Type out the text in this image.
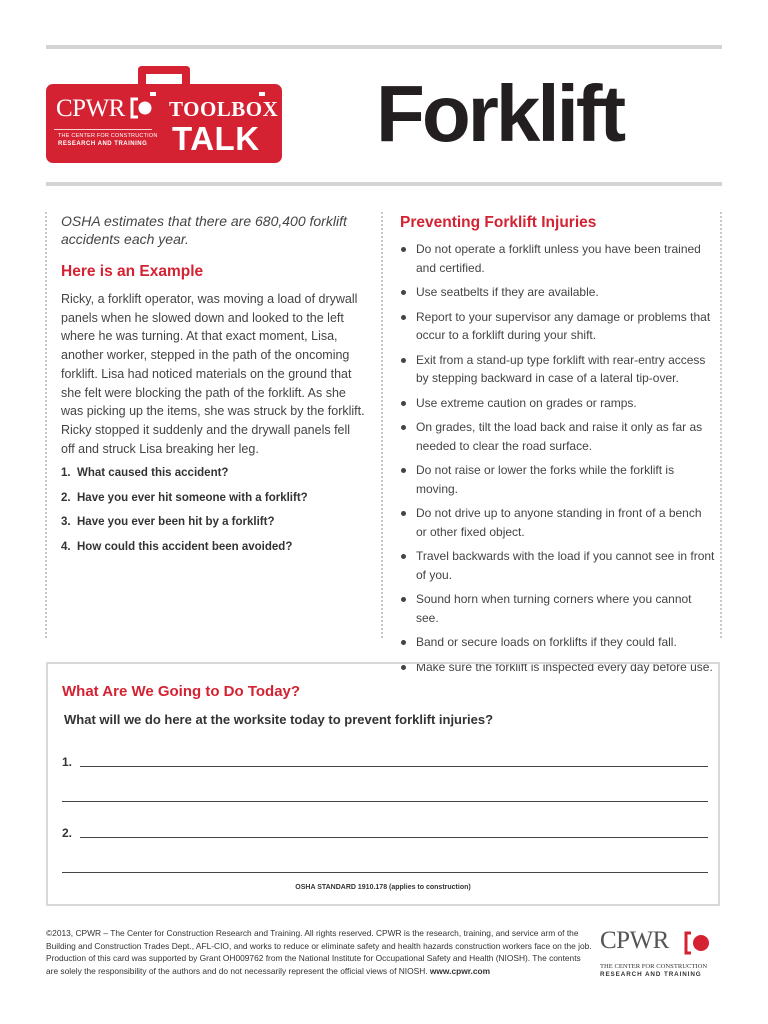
CPWR
THE CENTER FOR CONSTRUCTION
RESEARCH AND TRAINING
TOOLBOX
TALK Forklift
OSHA estimates that there are 680,400 forklift accidents each year.
Here is an Example
Ricky, a forklift operator, was moving a load of drywall panels when he slowed down and looked to the left where he was turning. At that exact moment, Lisa, another worker, stepped in the path of the oncoming forklift. Lisa had noticed materials on the ground that she felt were blocking the path of the forklift. As she was picking up the items, she was struck by the forklift. Ricky stopped it suddenly and the drywall panels fell off and struck Lisa breaking her leg.
1. What caused this accident?
2. Have you ever hit someone with a forklift?
3. Have you ever been hit by a forklift?
4. How could this accident been avoided?
Preventing Forklift Injuries
Do not operate a forklift unless you have been trained and certified.
Use seatbelts if they are available.
Report to your supervisor any damage or problems that occur to a forklift during your shift.
Exit from a stand-up type forklift with rear-entry access by stepping backward in case of a lateral tip-over.
Use extreme caution on grades or ramps.
On grades, tilt the load back and raise it only as far as needed to clear the road surface.
Do not raise or lower the forks while the forklift is moving.
Do not drive up to anyone standing in front of a bench or other fixed object.
Travel backwards with the load if you cannot see in front of you.
Sound horn when turning corners where you cannot see.
Band or secure loads on forklifts if they could fall.
Make sure the forklift is inspected every day before use.
What Are We Going to Do Today?
What will we do here at the worksite today to prevent forklift injuries?
1.
2.
OSHA STANDARD 1910.178 (applies to construction)
©2013, CPWR – The Center for Construction Research and Training. All rights reserved. CPWR is the research, training, and service arm of the Building and Construction Trades Dept., AFL-CIO, and works to reduce or eliminate safety and health hazards construction workers face on the job. Production of this card was supported by Grant OH009762 from the National Institute for Occupational Safety and Health (NIOSH). The contents are solely the responsibility of the authors and do not necessarily represent the official views of NIOSH. www.cpwr.com
CPWR
THE CENTER FOR CONSTRUCTION
RESEARCH AND TRAINING
